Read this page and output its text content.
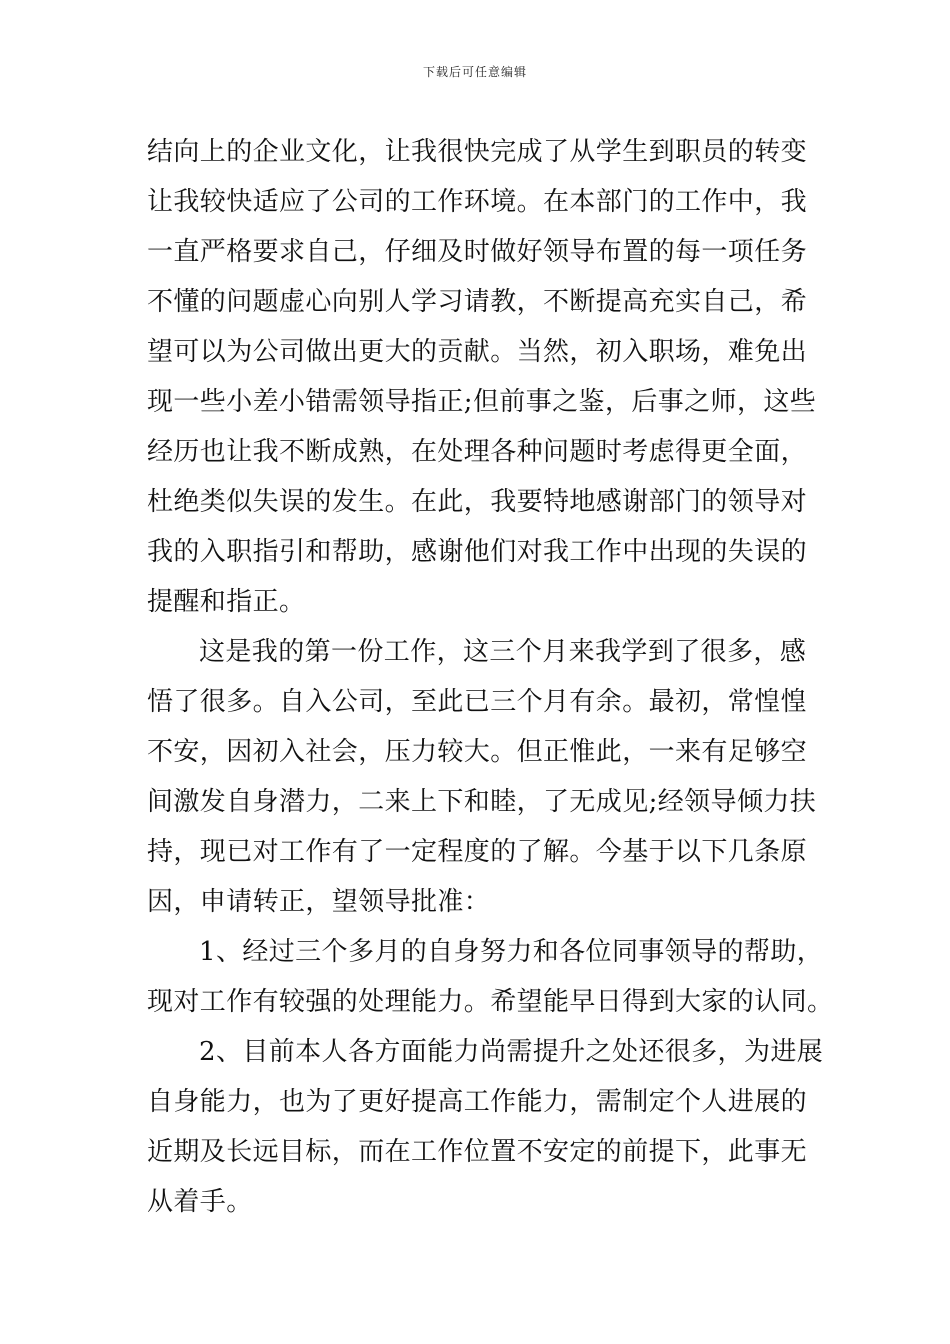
下载后可任意编辑
结向上的企业文化，让我很快完成了从学生到职员的转变
让我较快适应了公司的工作环境。在本部门的工作中，我
一直严格要求自己，仔细及时做好领导布置的每一项任务
不懂的问题虚心向别人学习请教，不断提高充实自己，希
望可以为公司做出更大的贡献。当然，初入职场，难免出
现一些小差小错需领导指正;但前事之鉴，后事之师，这些
经历也让我不断成熟，在处理各种问题时考虑得更全面，
杜绝类似失误的发生。在此，我要特地感谢部门的领导对
我的入职指引和帮助，感谢他们对我工作中出现的失误的
提醒和指正。
这是我的第一份工作，这三个月来我学到了很多，感
悟了很多。自入公司，至此已三个月有余。最初，常惶惶
不安，因初入社会，压力较大。但正惟此，一来有足够空
间激发自身潜力，二来上下和睦，了无成见;经领导倾力扶
持，现已对工作有了一定程度的了解。今基于以下几条原
因，申请转正，望领导批准：
1、经过三个多月的自身努力和各位同事领导的帮助，
现对工作有较强的处理能力。希望能早日得到大家的认同。
2、目前本人各方面能力尚需提升之处还很多，为进展
自身能力，也为了更好提高工作能力，需制定个人进展的
近期及长远目标，而在工作位置不安定的前提下，此事无
从着手。
